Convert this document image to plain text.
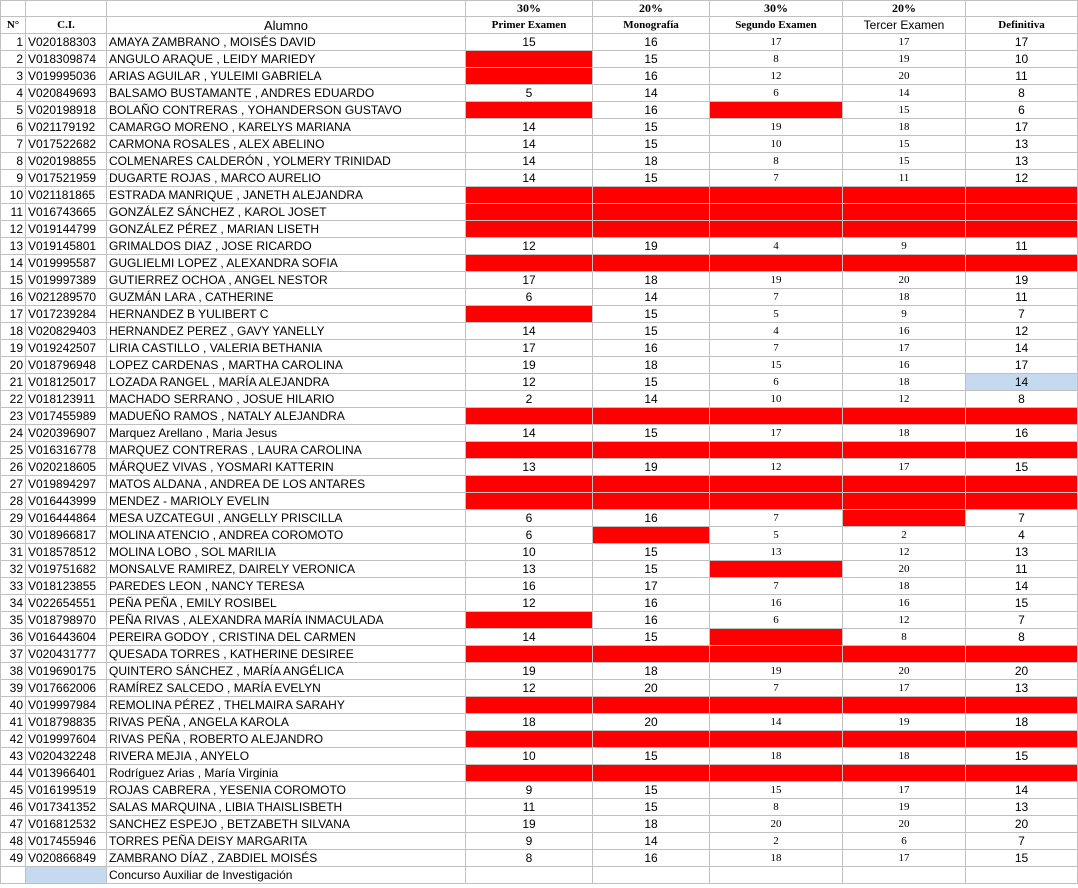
			30%	20%	30%	20%	
N°	C.I.	Alumno	Primer Examen	Monografía	Segundo Examen	Tercer Examen	Definitiva
1	V020188303	AMAYA ZAMBRANO , MOISÉS DAVID	15	16	17	17	17
2	V018309874	ANGULO ARAQUE , LEIDY MARIEDY		15	8	19	10
3	V019995036	ARIAS AGUILAR , YULEIMI GABRIELA		16	12	20	11
4	V020849693	BALSAMO BUSTAMANTE , ANDRES EDUARDO	5	14	6	14	8
5	V020198918	BOLAÑO CONTRERAS , YOHANDERSON GUSTAVO		16		15	6
6	V021179192	CAMARGO MORENO , KARELYS MARIANA	14	15	19	18	17
7	V017522682	CARMONA ROSALES , ALEX ABELINO	14	15	10	15	13
8	V020198855	COLMENARES CALDERÓN , YOLMERY TRINIDAD	14	18	8	15	13
9	V017521959	DUGARTE ROJAS , MARCO AURELIO	14	15	7	11	12
10	V021181865	ESTRADA MANRIQUE , JANETH ALEJANDRA					
11	V016743665	GONZÁLEZ SÁNCHEZ , KAROL JOSET					
12	V019144799	GONZÁLEZ PÉREZ , MARIAN LISETH					
13	V019145801	GRIMALDOS DIAZ , JOSE RICARDO	12	19	4	9	11
14	V019995587	GUGLIELMI LOPEZ , ALEXANDRA SOFIA					
15	V019997389	GUTIERREZ OCHOA , ANGEL NESTOR	17	18	19	20	19
16	V021289570	GUZMÁN LARA , CATHERINE	6	14	7	18	11
17	V017239284	HERNANDEZ B YULIBERT C		15	5	9	7
18	V020829403	HERNANDEZ PEREZ , GAVY YANELLY	14	15	4	16	12
19	V019242507	LIRIA CASTILLO , VALERIA BETHANIA	17	16	7	17	14
20	V018796948	LOPEZ CARDENAS , MARTHA CAROLINA	19	18	15	16	17
21	V018125017	LOZADA RANGEL , MARÍA ALEJANDRA	12	15	6	18	14
22	V018123911	MACHADO SERRANO , JOSUE HILARIO	2	14	10	12	8
23	V017455989	MADUEÑO RAMOS , NATALY ALEJANDRA					
24	V020396907	Marquez Arellano , Maria Jesus	14	15	17	18	16
25	V016316778	MARQUEZ CONTRERAS , LAURA CAROLINA					
26	V020218605	MÁRQUEZ VIVAS , YOSMARI KATTERIN	13	19	12	17	15
27	V019894297	MATOS ALDANA , ANDREA DE LOS ANTARES					
28	V016443999	MENDEZ - MARIOLY EVELIN					
29	V016444864	MESA UZCATEGUI , ANGELLY PRISCILLA	6	16	7		7
30	V018966817	MOLINA ATENCIO , ANDREA COROMOTO	6		5	2	4
31	V018578512	MOLINA LOBO , SOL MARILIA	10	15	13	12	13
32	V019751682	MONSALVE RAMIREZ, DAIRELY VERONICA	13	15		20	11
33	V018123855	PAREDES LEON , NANCY TERESA	16	17	7	18	14
34	V022654551	PEÑA PEÑA , EMILY ROSIBEL	12	16	16	16	15
35	V018798970	PEÑA RIVAS , ALEXANDRA MARÍA INMACULADA		16	6	12	7
36	V016443604	PEREIRA GODOY , CRISTINA DEL CARMEN	14	15		8	8
37	V020431777	QUESADA TORRES , KATHERINE DESIREE					
38	V019690175	QUINTERO SÁNCHEZ , MARÍA ANGÉLICA	19	18	19	20	20
39	V017662006	RAMÍREZ SALCEDO , MARÍA EVELYN	12	20	7	17	13
40	V019997984	REMOLINA PÉREZ , THELMAIRA SARAHY					
41	V018798835	RIVAS PEÑA , ANGELA KAROLA	18	20	14	19	18
42	V019997604	RIVAS PEÑA , ROBERTO ALEJANDRO					
43	V020432248	RIVERA MEJIA , ANYELO	10	15	18	18	15
44	V013966401	Rodríguez Arias , María Virginia					
45	V016199519	ROJAS CABRERA , YESENIA COROMOTO	9	15	15	17	14
46	V017341352	SALAS MARQUINA , LIBIA THAISLISBETH	11	15	8	19	13
47	V016812532	SANCHEZ ESPEJO , BETZABETH SILVANA	19	18	20	20	20
48	V017455946	TORRES PEÑA DEISY MARGARITA	9	14	2	6	7
49	V020866849	ZAMBRANO DÍAZ , ZABDIEL MOISÉS	8	16	18	17	15
		Concurso Auxiliar de Investigación					
